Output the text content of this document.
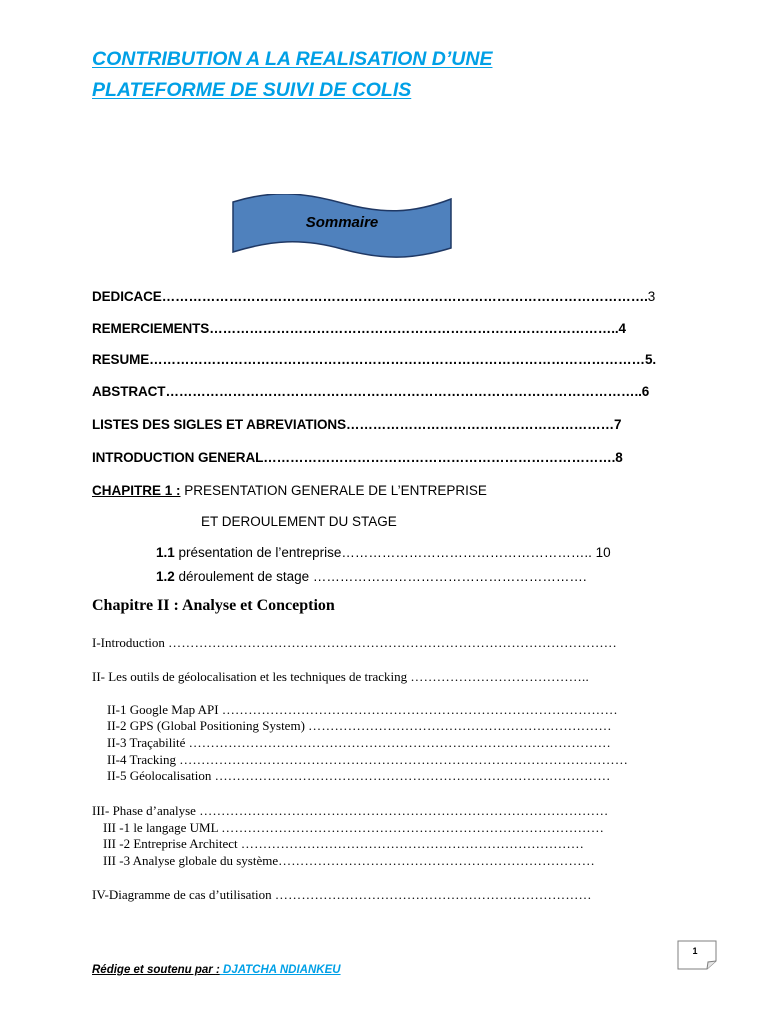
CONTRIBUTION A LA REALISATION D’UNE
PLATEFORME DE SUIVI DE COLIS
Sommaire
DEDICACE……………………………………………………………………………………………….3
REMERCIEMENTS………………………………………………………………………………..4
RESUME…………………………………………………………………………………………………5.
ABSTRACT……………………………………………………………………………………………..6
LISTES DES SIGLES ET ABREVIATIONS……………………………………………………7
INTRODUCTION GENERAL…………………………………………………………………….8
CHAPITRE 1 : PRESENTATION GENERALE DE L’ENTREPRISE
ET DEROULEMENT DU STAGE
1.1 présentation de l’entreprise……………………………………………….. 10
1.2 déroulement de stage …………………………………………………….
Chapitre II : Analyse et Conception
I-Introduction …………………………………………………………………………………………
II- Les outils de géolocalisation et les techniques de tracking …………………………………..
II-1 Google Map API ………………………………………………………………………………
II-2 GPS (Global Positioning System) ……………………………………………………………
II-3 Traçabilité ……………………………………………………………………………………
II-4 Tracking …………………………………………………………………………………………
II-5 Géolocalisation ………………………………………………………………………………
III- Phase d’analyse …………………………………………………………………………………
III -1 le langage UML ……………………………………………………………………………
III -2 Entreprise Architect ……………………………………………………………………
III -3 Analyse globale du système………………………………………………………………
IV-Diagramme de cas d’utilisation ………………………………………………………………
1
Rédige et soutenu par : DJATCHA NDIANKEU
